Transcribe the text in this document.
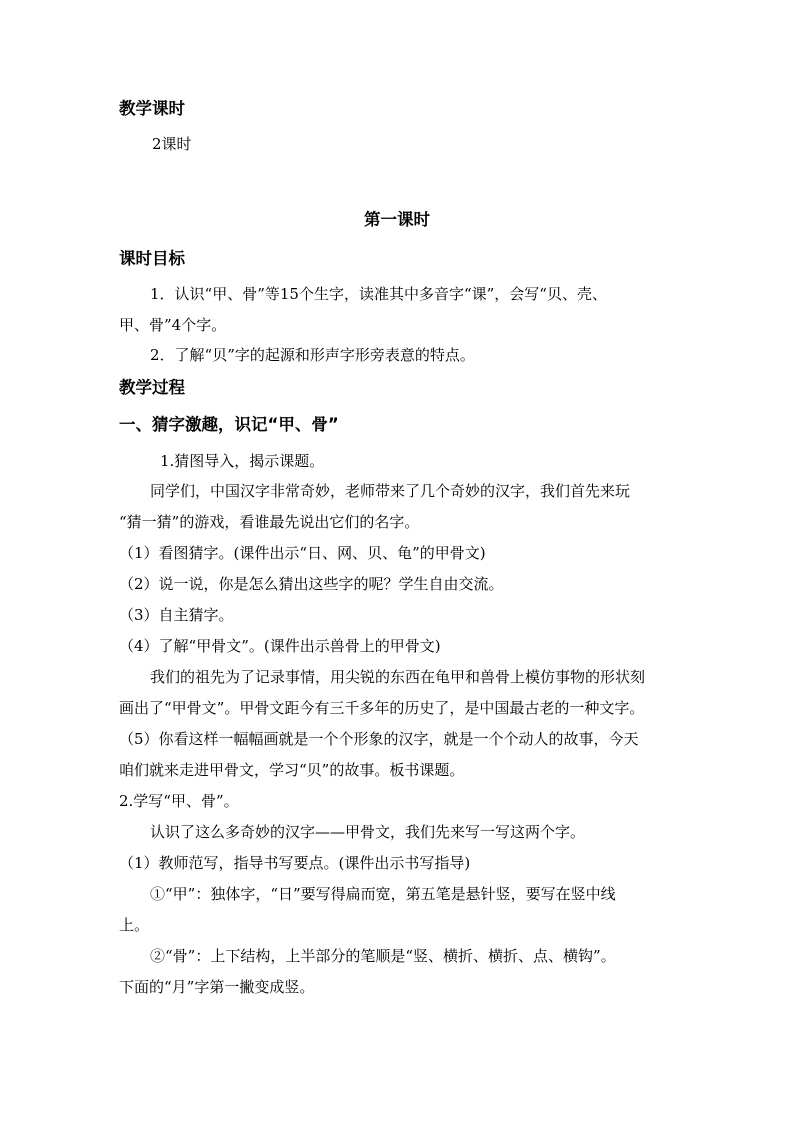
教学课时
2课时
第一课时
课时目标
1．认识“甲、骨”等15个生字，读准其中多音字“课”，会写“贝、壳、
甲、骨”4个字。
2．了解“贝”字的起源和形声字形旁表意的特点。
教学过程
一、猜字激趣，识记“甲、骨”
1.猜图导入，揭示课题。
同学们，中国汉字非常奇妙，老师带来了几个奇妙的汉字，我们首先来玩
“猜一猜”的游戏，看谁最先说出它们的名字。
（1）看图猜字。(课件出示“日、网、贝、龟”的甲骨文)
（2）说一说，你是怎么猜出这些字的呢？学生自由交流。
（3）自主猜字。
（4）了解“甲骨文”。(课件出示兽骨上的甲骨文)
我们的祖先为了记录事情，用尖锐的东西在龟甲和兽骨上模仿事物的形状刻
画出了“甲骨文”。甲骨文距今有三千多年的历史了，是中国最古老的一种文字。
（5）你看这样一幅幅画就是一个个形象的汉字，就是一个个动人的故事，今天
咱们就来走进甲骨文，学习“贝”的故事。板书课题。
2.学写“甲、骨”。
认识了这么多奇妙的汉字——甲骨文，我们先来写一写这两个字。
（1）教师范写，指导书写要点。(课件出示书写指导)
①“甲”：独体字，“日”要写得扁而宽，第五笔是悬针竖，要写在竖中线
上。
②“骨”：上下结构，上半部分的笔顺是“竖、横折、横折、点、横钩”。
下面的“月”字第一撇变成竖。
